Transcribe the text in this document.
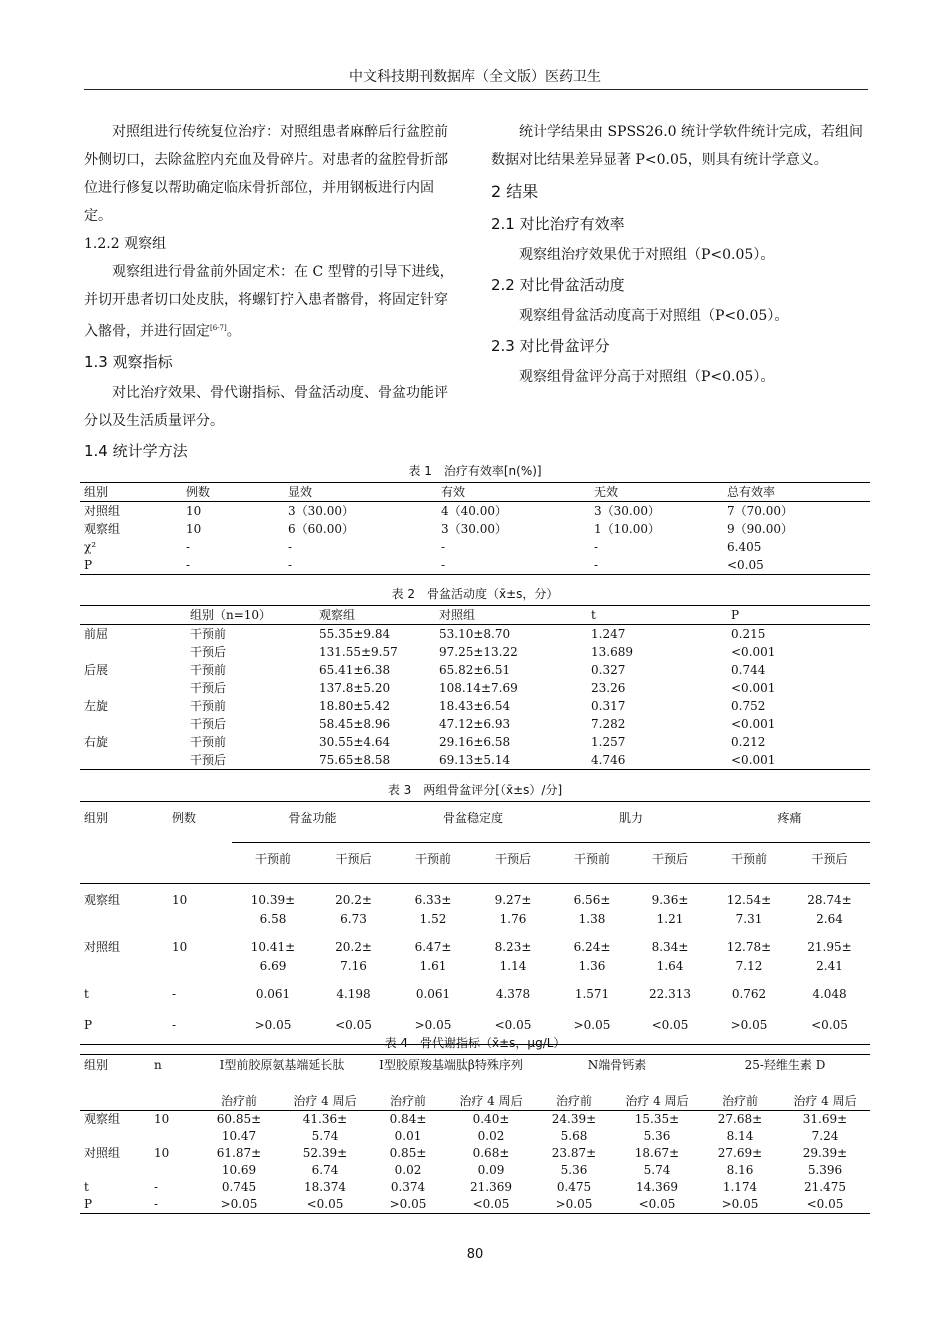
中文科技期刊数据库（全文版）医药卫生

对照组进行传统复位治疗：对照组患者麻醉后行盆腔前外侧切口，去除盆腔内充血及骨碎片。对患者的盆腔骨折部位进行修复以帮助确定临床骨折部位，并用钢板进行内固定。

1.2.2 观察组

观察组进行骨盆前外固定术：在 C 型臂的引导下进线，并切开患者切口处皮肤，将螺钉拧入患者髂骨，将固定针穿入髂骨，并进行固定[6-7]。

1.3 观察指标

对比治疗效果、骨代谢指标、骨盆活动度、骨盆功能评分以及生活质量评分。

1.4 统计学方法

统计学结果由 SPSS26.0 统计学软件统计完成，若组间数据对比结果差异显著 P<0.05，则具有统计学意义。

2 结果

2.1 对比治疗有效率

观察组治疗效果优于对照组（P<0.05）。

2.2 对比骨盆活动度

观察组骨盆活动度高于对照组（P<0.05）。

2.3 对比骨盆评分

观察组骨盆评分高于对照组（P<0.05）。

表 1　治疗有效率[n(%)]
组别	例数	显效	有效	无效	总有效率
对照组	10	3（30.00）	4（40.00）	3（30.00）	7（70.00）
观察组	10	6（60.00）	3（30.00）	1（10.00）	9（90.00）
χ²	-	-	-	-	6.405
P	-	-	-	-	<0.05
表 2　骨盆活动度（x̄±s，分）
	组别（n=10）	观察组	对照组	t	P
前屈	干预前	55.35±9.84	53.10±8.70	1.247	0.215
	干预后	131.55±9.57	97.25±13.22	13.689	<0.001
后展	干预前	65.41±6.38	65.82±6.51	0.327	0.744
	干预后	137.8±5.20	108.14±7.69	23.26	<0.001
左旋	干预前	18.80±5.42	18.43±6.54	0.317	0.752
	干预后	58.45±8.96	47.12±6.93	7.282	<0.001
右旋	干预前	30.55±4.64	29.16±6.58	1.257	0.212
	干预后	75.65±8.58	69.13±5.14	4.746	<0.001
表 3　两组骨盆评分[（x̄±s）/分]
组别	例数	骨盆功能		骨盆稳定度		肌力		疼痛	
		干预前	干预后	干预前	干预后	干预前	干预后	干预前	干预后
观察组	10	10.39±	20.2±	6.33±	9.27±	6.56±	9.36±	12.54±	28.74±
		6.58	6.73	1.52	1.76	1.38	1.21	7.31	2.64
对照组	10	10.41±	20.2±	6.47±	8.23±	6.24±	8.34±	12.78±	21.95±
		6.69	7.16	1.61	1.14	1.36	1.64	7.12	2.41
t	-	0.061	4.198	0.061	4.378	1.571	22.313	0.762	4.048
P	-	>0.05	<0.05	>0.05	<0.05	>0.05	<0.05	>0.05	<0.05
表 4　骨代谢指标（x̄±s，μg/L）
组别	n	Ⅰ型前胶原氨基端延长肽		Ⅰ型胶原羧基端肽β特殊序列		N端骨钙素		25-羟维生素 D	
		治疗前	治疗 4 周后	治疗前	治疗 4 周后	治疗前	治疗 4 周后	治疗前	治疗 4 周后
观察组	10	60.85±	41.36±	0.84±	0.40±	24.39±	15.35±	27.68±	31.69±
		10.47	5.74	0.01	0.02	5.68	5.36	8.14	7.24
对照组	10	61.87±	52.39±	0.85±	0.68±	23.87±	18.67±	27.69±	29.39±
		10.69	6.74	0.02	0.09	5.36	5.74	8.16	5.396
t	-	0.745	18.374	0.374	21.369	0.475	14.369	1.174	21.475
P	-	>0.05	<0.05	>0.05	<0.05	>0.05	<0.05	>0.05	<0.05
80
